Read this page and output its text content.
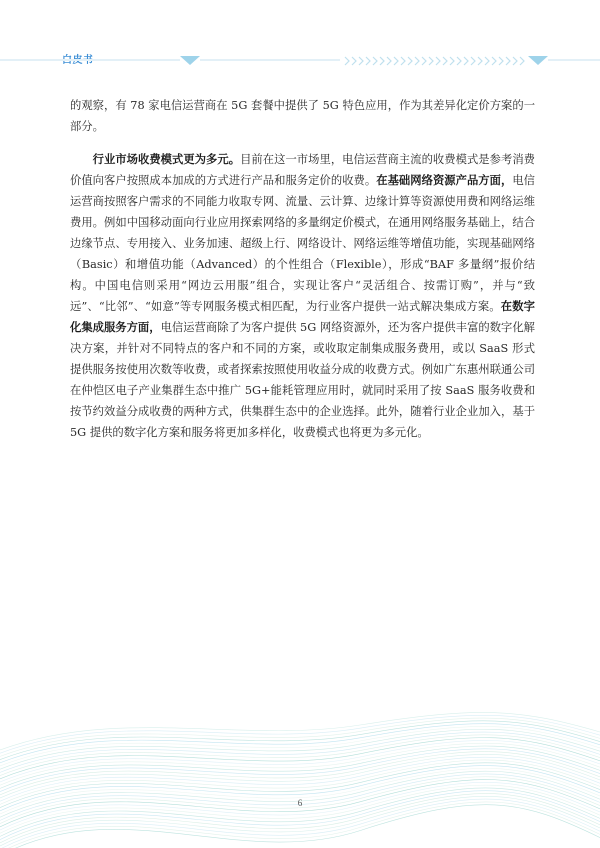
的观察，有 78 家电信运营商在 5G 套餐中提供了 5G 特色应用，作为其差异化定价方案的一部分。

行业市场收费模式更为多元。目前在这一市场里，电信运营商主流的收费模式是参考消费价值向客户按照成本加成的方式进行产品和服务定价的收费。在基础网络资源产品方面，电信运营商按照客户需求的不同能力收取专网、流量、云计算、边缘计算等资源使用费和网络运维费用。例如中国移动面向行业应用探索网络的多量纲定价模式，在通用网络服务基础上，结合边缘节点、专用接入、业务加速、超级上行、网络设计、网络运维等增值功能，实现基础网络（Basic）和增值功能（Advanced）的个性组合（Flexible），形成“BAF 多量纲”报价结构。中国电信则采用“网边云用服”组合，实现让客户“灵活组合、按需订购”，并与“致远”、“比邻”、“如意”等专网服务模式相匹配，为行业客户提供一站式解决集成方案。在数字化集成服务方面，电信运营商除了为客户提供 5G 网络资源外，还为客户提供丰富的数字化解决方案，并针对不同特点的客户和不同的方案，或收取定制集成服务费用，或以 SaaS 形式提供服务按使用次数等收费，或者探索按照使用收益分成的收费方式。例如广东惠州联通公司在仲恺区电子产业集群生态中推广 5G+能耗管理应用时，就同时采用了按 SaaS 服务收费和按节约效益分成收费的两种方式，供集群生态中的企业选择。此外，随着行业企业加入，基于 5G 提供的数字化方案和服务将更加多样化，收费模式也将更为多元化。

6
